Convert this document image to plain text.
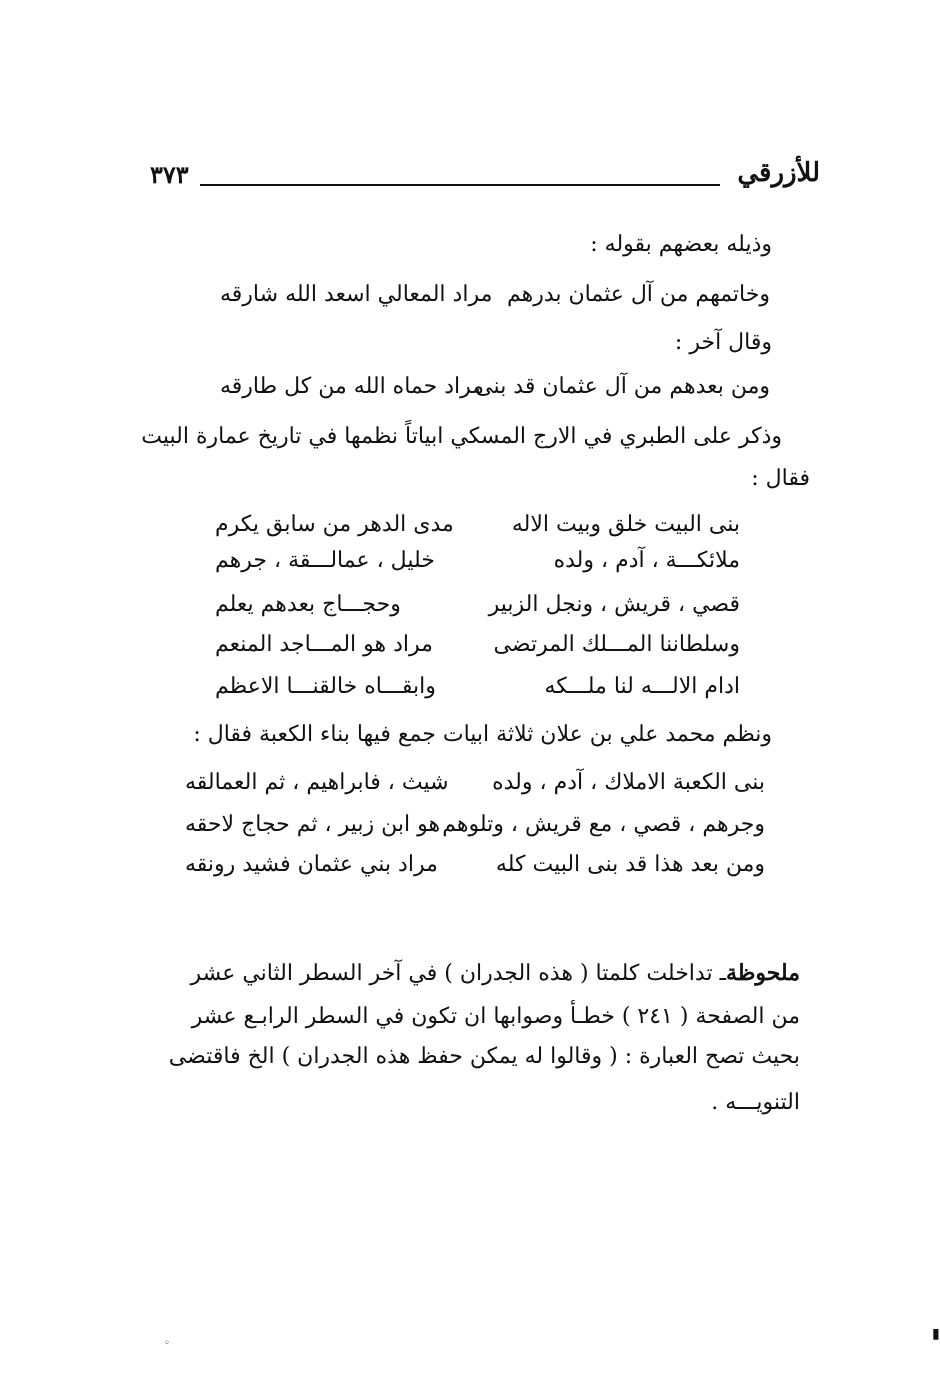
٣٧٣	للأزرقي
وذيله بعضهم بقوله :
وخاتمهم من آل عثمان بدرهم
مراد المعالي اسعد الله شارقه
وقال آخر :
ومن بعدهم من آل عثمان قد بنى
مراد حماه الله من كل طارقه
وذكر على الطبري في الارج المسكي ابياتاً نظمها في تاريخ عمارة البيت
فقال :
بنى البيت خلق وبيت الاله
مدى الدهر من سابق يكرم
ملائكـــة ، آدم ، ولده
خليل ، عمالـــقة ، جرهم
قصي ، قريش ، ونجل الزبير
وحجـــاج بعدهم يعلم
وسلطاننا المـــلك المرتضى
مراد هو المـــاجد المنعم
ادام الالـــه لنا ملـــكه
وابقـــاه خالقنـــا الاعظم
ونظم محمد علي بن علان ثلاثة ابيات جمع فيها بناء الكعبة فقال :
بنى الكعبة الاملاك ، آدم ، ولده
شيث ، فابراهيم ، ثم العمالقه
وجرهم ، قصي ، مع قريش ، وتلوهم
هو ابن زبير ، ثم حجاج لاحقه
ومن بعد هذا قد بنى البيت كله
مراد بني عثمان فشيد رونقه
ملحوظةـ تداخلت كلمتا ( هذه الجدران ) في آخر السطر الثاني عشر
من الصفحة ( ٢٤١ ) خطـأ وصوابها ان تكون في السطر الرابـع عشر
بحيث تصح العبارة : ( وقالوا له يمكن حفظ هذه الجدران ) الخ فاقتضى
التنويـــه .
◦
▮
